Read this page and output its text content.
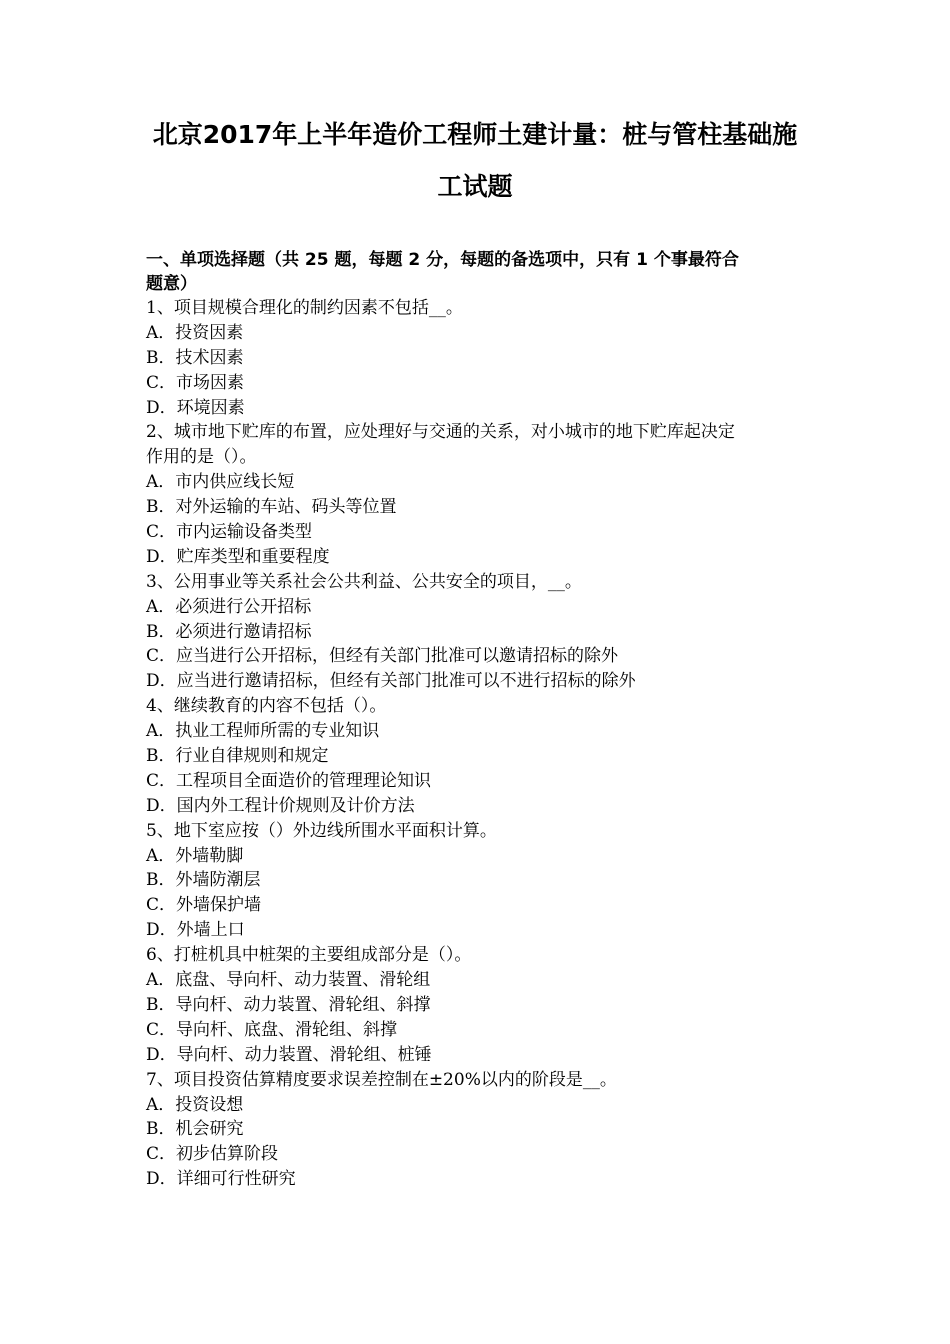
北京2017年上半年造价工程师土建计量：桩与管柱基础施
工试题
一、单项选择题（共 25 题，每题 2 分，每题的备选项中，只有 1 个事最符合
题意）
1、项目规模合理化的制约因素不包括__。
A．投资因素
B．技术因素
C．市场因素
D．环境因素
2、城市地下贮库的布置，应处理好与交通的关系，对小城市的地下贮库起决定
作用的是（）。
A．市内供应线长短
B．对外运输的车站、码头等位置
C．市内运输设备类型
D．贮库类型和重要程度
3、公用事业等关系社会公共利益、公共安全的项目，__。
A．必须进行公开招标
B．必须进行邀请招标
C．应当进行公开招标，但经有关部门批准可以邀请招标的除外
D．应当进行邀请招标，但经有关部门批准可以不进行招标的除外
4、继续教育的内容不包括（）。
A．执业工程师所需的专业知识
B．行业自律规则和规定
C．工程项目全面造价的管理理论知识
D．国内外工程计价规则及计价方法
5、地下室应按（）外边线所围水平面积计算。
A．外墙勒脚
B．外墙防潮层
C．外墙保护墙
D．外墙上口
6、打桩机具中桩架的主要组成部分是（）。
A．底盘、导向杆、动力装置、滑轮组
B．导向杆、动力装置、滑轮组、斜撑
C．导向杆、底盘、滑轮组、斜撑
D．导向杆、动力装置、滑轮组、桩锤
7、项目投资估算精度要求误差控制在±20%以内的阶段是__。
A．投资设想
B．机会研究
C．初步估算阶段
D．详细可行性研究
